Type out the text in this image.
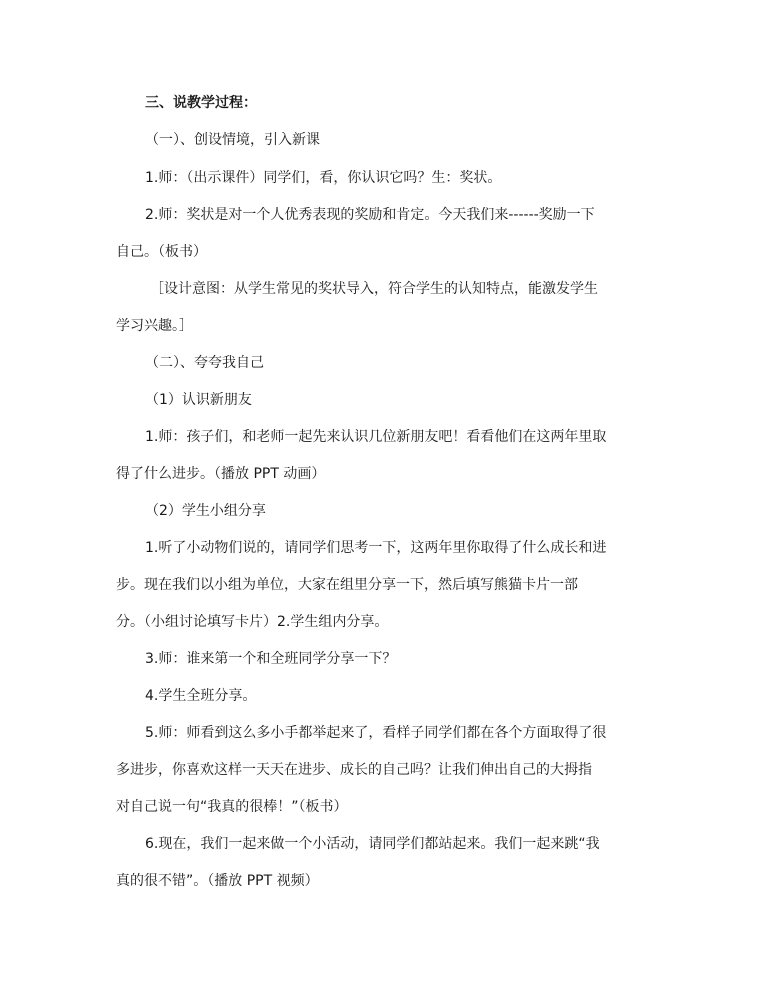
三、说教学过程：
（一）、创设情境，引入新课
1.师：（出示课件）同学们，看，你认识它吗？生：奖状。
2.师：奖状是对一个人优秀表现的奖励和肯定。今天我们来------奖励一下
自己。（板书）
［设计意图：从学生常见的奖状导入，符合学生的认知特点，能激发学生
学习兴趣。］
（二）、夸夸我自己
（1）认识新朋友
1.师：孩子们，和老师一起先来认识几位新朋友吧！看看他们在这两年里取
得了什么进步。（播放 PPT 动画）
（2）学生小组分享
1.听了小动物们说的，请同学们思考一下，这两年里你取得了什么成长和进
步。现在我们以小组为单位，大家在组里分享一下，然后填写熊猫卡片一部
分。（小组讨论填写卡片）2.学生组内分享。
3.师：谁来第一个和全班同学分享一下？
4.学生全班分享。
5.师：师看到这么多小手都举起来了，看样子同学们都在各个方面取得了很
多进步，你喜欢这样一天天在进步、成长的自己吗？让我们伸出自己的大拇指
对自己说一句“我真的很棒！”（板书）
6.现在，我们一起来做一个小活动，请同学们都站起来。我们一起来跳“我
真的很不错”。（播放 PPT 视频）
